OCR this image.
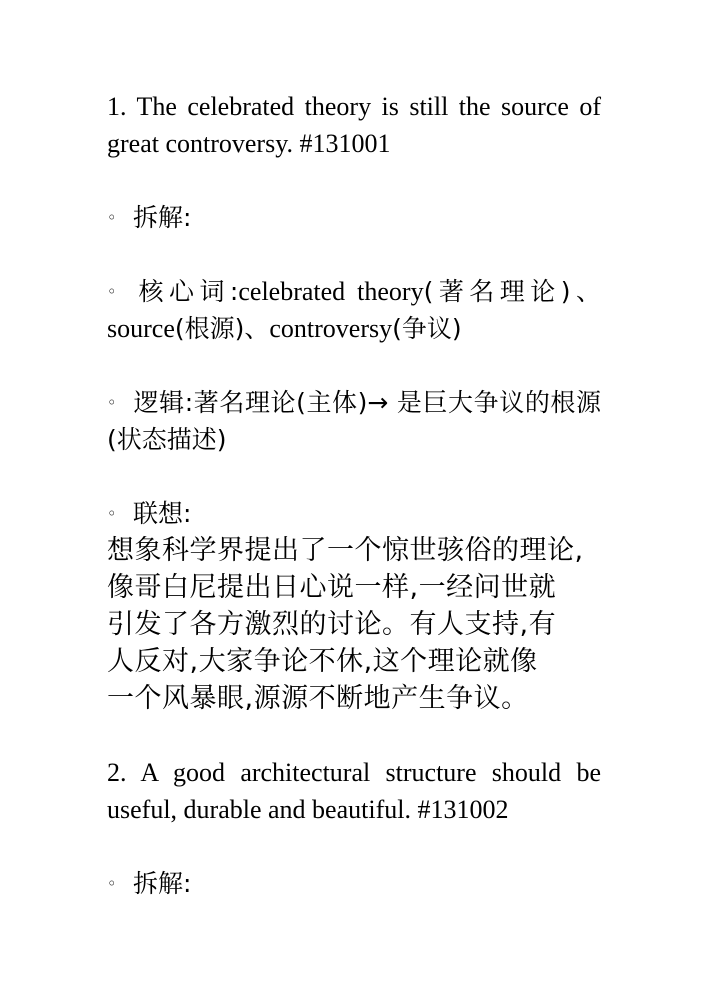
1. The celebrated theory is still the source of great controversy. #131001

◦ 拆解:

◦ 核心词:celebrated theory(著名理论)、source(根源)、controversy(争议)

◦ 逻辑:著名理论(主体)→ 是巨大争议的根源(状态描述)

◦ 联想:

想象科学界提出了一个惊世骇俗的理论,
像哥白尼提出日心说一样,一经问世就
引发了各方激烈的讨论。有人支持,有
人反对,大家争论不休,这个理论就像
一个风暴眼,源源不断地产生争议。

2. A good architectural structure should be useful, durable and beautiful. #131002

◦ 拆解:
